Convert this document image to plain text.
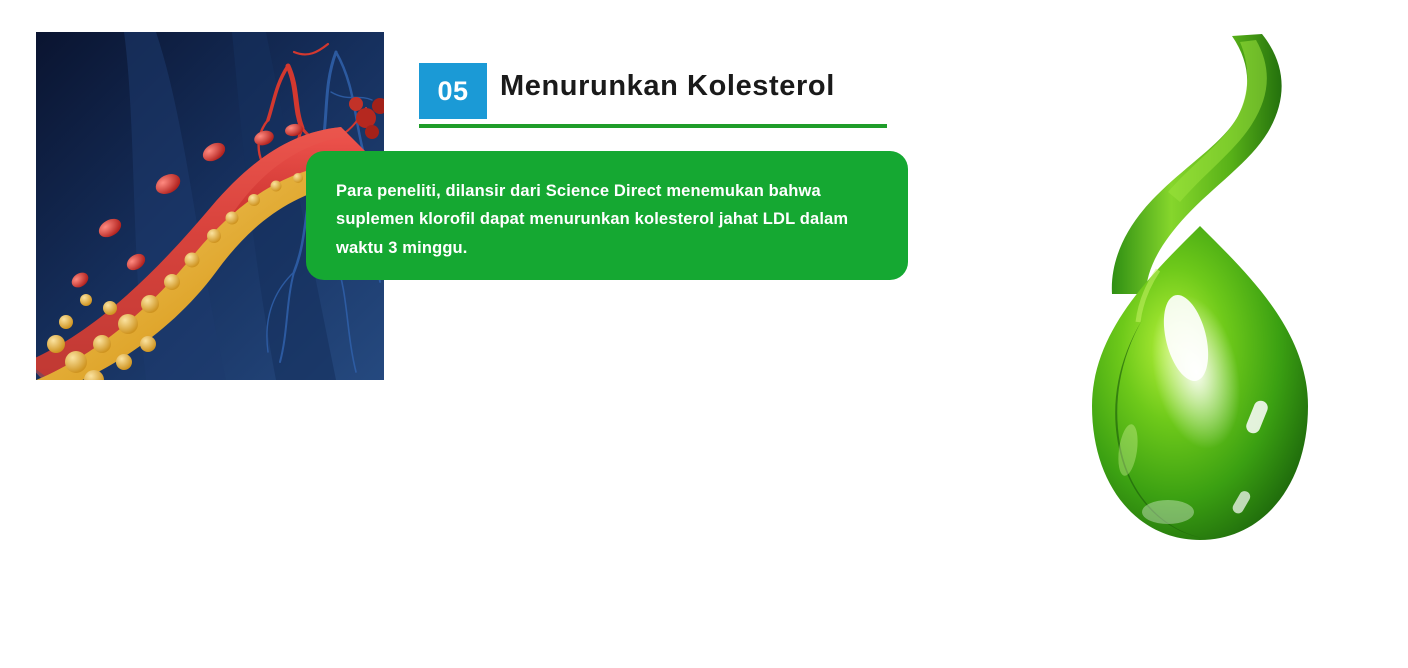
05	Menurunkan Kolesterol

Para peneliti, dilansir dari Science Direct menemukan bahwa suplemen klorofil dapat menurunkan kolesterol jahat LDL dalam waktu 3 minggu.
